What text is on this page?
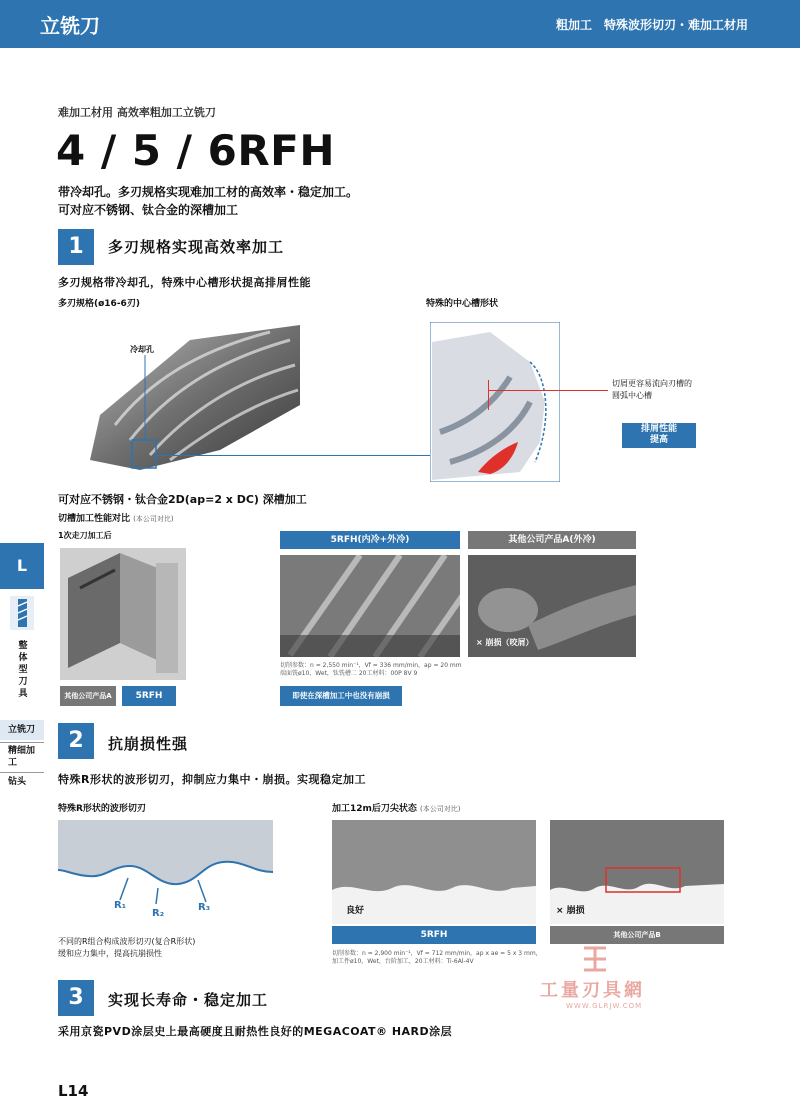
立铣刀	粗加工　特殊波形切刃・难加工材用
难加工材用 高效率粗加工立铣刀
4 / 5 / 6RFH
带冷却孔。多刃规格实现难加工材的高效率・稳定加工。
可对应不锈钢、钛合金的深槽加工
1	多刃规格实现高效率加工
多刃规格带冷却孔，特殊中心槽形状提高排屑性能
多刃规格(ø16-6刃)	特殊的中心槽形状
冷却孔
切屑更容易流向刃槽的
圆弧中心槽
排屑性能
提高
可对应不锈钢・钛合金2D(ap=2 x DC) 深槽加工
切槽加工性能对比 (本公司对比)
1次走刀加工后
其他公司产品A	5RFH
5RFH(内冷+外冷)	其他公司产品A(外冷)
× 崩损（咬屑）
切削参数：n = 2,550 min⁻¹，Vf = 336 mm/min，ap = 20 mm
端面铣ø10，Wet，钛铣槽二 20工材料：00P 8V 9
即使在深槽加工中也没有崩损
2	抗崩损性强
特殊R形状的波形切刃，抑制应力集中・崩损。实现稳定加工
特殊R形状的波形切刃	加工12m后刀尖状态 (本公司对比)
R₁
R₂
R₃
不同的R组合构成波形切刃(复合R形状)
缓和应力集中，提高抗崩损性
良好	× 崩损
5RFH	其他公司产品B
切削参数：n = 2,900 min⁻¹，Vf = 712 mm/min，ap x ae = 5 x 3 mm，
加工件ø10，Wet，台阶加工，20工材料：Ti-6Al-4V
3	实现长寿命・稳定加工
采用京瓷PVD涂层史上最高硬度且耐热性良好的MEGACOAT® HARD涂层
工量刃具網
WWW.GLRJW.COM
L
整体型刀具
立铣刀
精细加工
钻头
L14
